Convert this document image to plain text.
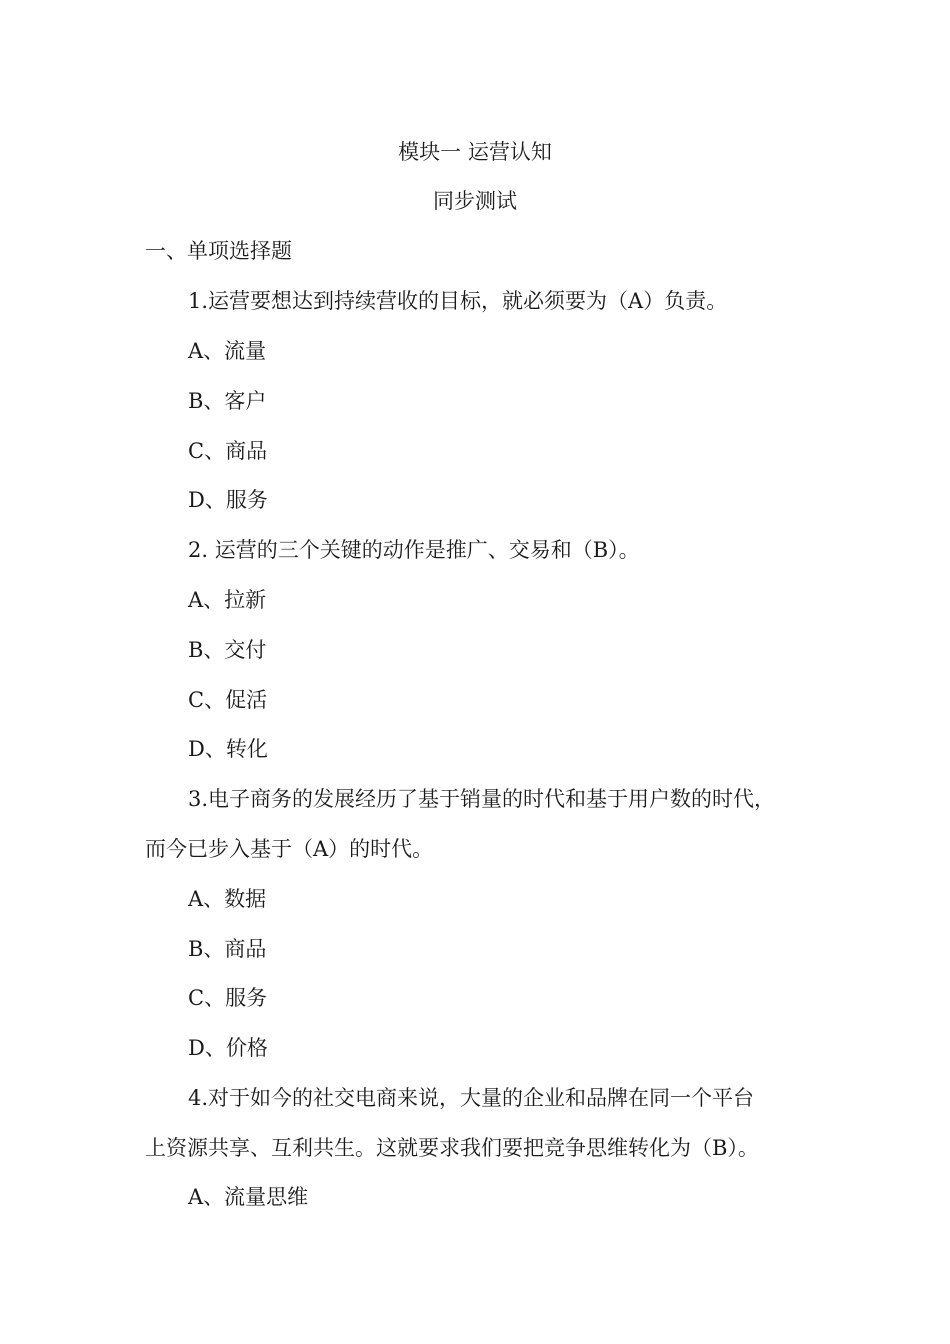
模块一 运营认知
同步测试
一、单项选择题
1.运营要想达到持续营收的目标，就必须要为（A）负责。
A、流量
B、客户
C、商品
D、服务
2. 运营的三个关键的动作是推广、交易和（B）。
A、拉新
B、交付
C、促活
D、转化
3.电子商务的发展经历了基于销量的时代和基于用户数的时代，
而今已步入基于（A）的时代。
A、数据
B、商品
C、服务
D、价格
4.对于如今的社交电商来说，大量的企业和品牌在同一个平台
上资源共享、互利共生。这就要求我们要把竞争思维转化为（B）。
A、流量思维
